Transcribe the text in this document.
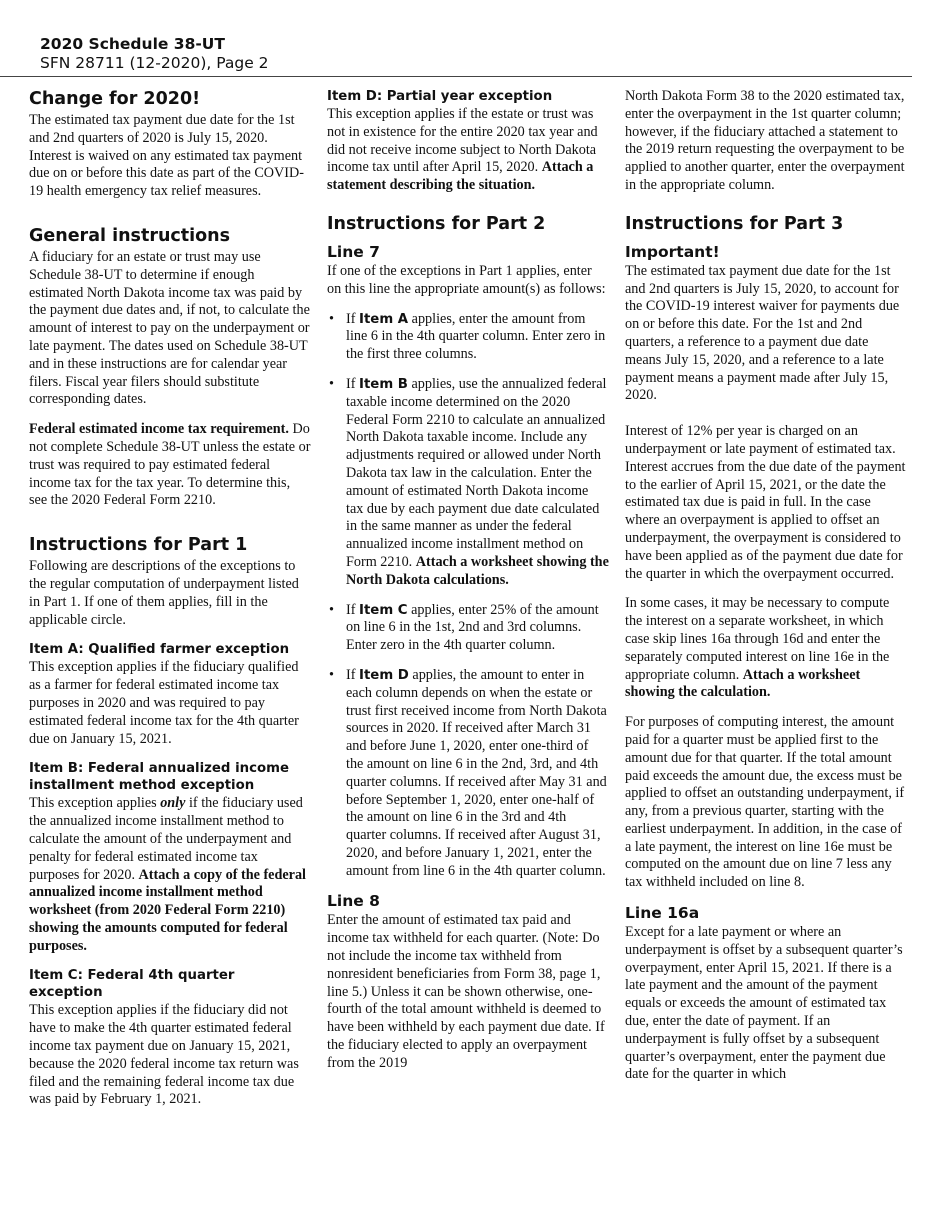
2020 Schedule 38-UT
SFN 28711 (12-2020), Page 2
Change for 2020!

The estimated tax payment due date for the 1st and 2nd quarters of 2020 is July 15, 2020. Interest is waived on any estimated tax payment due on or before this date as part of the COVID-19 health emergency tax relief measures.

General instructions

A fiduciary for an estate or trust may use Schedule 38-UT to determine if enough estimated North Dakota income tax was paid by the payment due dates and, if not, to calculate the amount of interest to pay on the underpayment or late payment. The dates used on Schedule 38-UT and in these instructions are for calendar year filers. Fiscal year filers should substitute corresponding dates.

Federal estimated income tax requirement. Do not complete Schedule 38-UT unless the estate or trust was required to pay estimated federal income tax for the tax year. To determine this, see the 2020 Federal Form 2210.

Instructions for Part 1

Following are descriptions of the exceptions to the regular computation of underpayment listed in Part 1. If one of them applies, fill in the applicable circle.

Item A: Qualified farmer exception

This exception applies if the fiduciary qualified as a farmer for federal estimated income tax purposes in 2020 and was required to pay estimated federal income tax for the 4th quarter due on January 15, 2021.

Item B: Federal annualized income installment method exception

This exception applies only if the fiduciary used the annualized income installment method to calculate the amount of the underpayment and penalty for federal estimated income tax purposes for 2020. Attach a copy of the federal annualized income installment method worksheet (from 2020 Federal Form 2210) showing the amounts computed for federal purposes.

Item C: Federal 4th quarter exception

This exception applies if the fiduciary did not have to make the 4th quarter estimated federal income tax payment due on January 15, 2021, because the 2020 federal income tax return was filed and the remaining federal income tax due was paid by February 1, 2021.

Item D: Partial year exception

This exception applies if the estate or trust was not in existence for the entire 2020 tax year and did not receive income subject to North Dakota income tax until after April 15, 2020. Attach a statement describing the situation.

Instructions for Part 2
Line 7

If one of the exceptions in Part 1 applies, enter on this line the appropriate amount(s) as follows:

• If Item A applies, enter the amount from line 6 in the 4th quarter column. Enter zero in the first three columns.
• If Item B applies, use the annualized federal taxable income determined on the 2020 Federal Form 2210 to calculate an annualized North Dakota taxable income. Include any adjustments required or allowed under North Dakota tax law in the calculation. Enter the amount of estimated North Dakota income tax due by each payment due date calculated in the same manner as under the federal annualized income installment method on Form 2210. Attach a worksheet showing the North Dakota calculations.
• If Item C applies, enter 25% of the amount on line 6 in the 1st, 2nd and 3rd columns. Enter zero in the 4th quarter column.
• If Item D applies, the amount to enter in each column depends on when the estate or trust first received income from North Dakota sources in 2020. If received after March 31 and before June 1, 2020, enter one-third of the amount on line 6 in the 2nd, 3rd, and 4th quarter columns. If received after May 31 and before September 1, 2020, enter one-half of the amount on line 6 in the 3rd and 4th quarter columns. If received after August 31, 2020, and before January 1, 2021, enter the amount from line 6 in the 4th quarter column.
Line 8

Enter the amount of estimated tax paid and income tax withheld for each quarter. (Note: Do not include the income tax withheld from nonresident beneficiaries from Form 38, page 1, line 5.) Unless it can be shown otherwise, one-fourth of the total amount withheld is deemed to have been withheld by each payment due date. If the fiduciary elected to apply an overpayment from the 2019

North Dakota Form 38 to the 2020 estimated tax, enter the overpayment in the 1st quarter column; however, if the fiduciary attached a statement to the 2019 return requesting the overpayment to be applied to another quarter, enter the overpayment in the appropriate column.

Instructions for Part 3
Important!

The estimated tax payment due date for the 1st and 2nd quarters is July 15, 2020, to account for the COVID-19 interest waiver for payments due on or before this date. For the 1st and 2nd quarters, a reference to a payment due date means July 15, 2020, and a reference to a late payment means a payment made after July 15, 2020.

Interest of 12% per year is charged on an underpayment or late payment of estimated tax. Interest accrues from the due date of the payment to the earlier of April 15, 2021, or the date the estimated tax due is paid in full. In the case where an overpayment is applied to offset an underpayment, the overpayment is considered to have been applied as of the payment due date for the quarter in which the overpayment occurred.

In some cases, it may be necessary to compute the interest on a separate worksheet, in which case skip lines 16a through 16d and enter the separately computed interest on line 16e in the appropriate column. Attach a worksheet showing the calculation.

For purposes of computing interest, the amount paid for a quarter must be applied first to the amount due for that quarter. If the total amount paid exceeds the amount due, the excess must be applied to offset an outstanding underpayment, if any, from a previous quarter, starting with the earliest underpayment. In addition, in the case of a late payment, the interest on line 16e must be computed on the amount due on line 7 less any tax withheld included on line 8.

Line 16a

Except for a late payment or where an underpayment is offset by a subsequent quarter’s overpayment, enter April 15, 2021. If there is a late payment and the amount of the payment equals or exceeds the amount of estimated tax due, enter the date of payment. If an underpayment is fully offset by a subsequent quarter’s overpayment, enter the payment due date for the quarter in which
